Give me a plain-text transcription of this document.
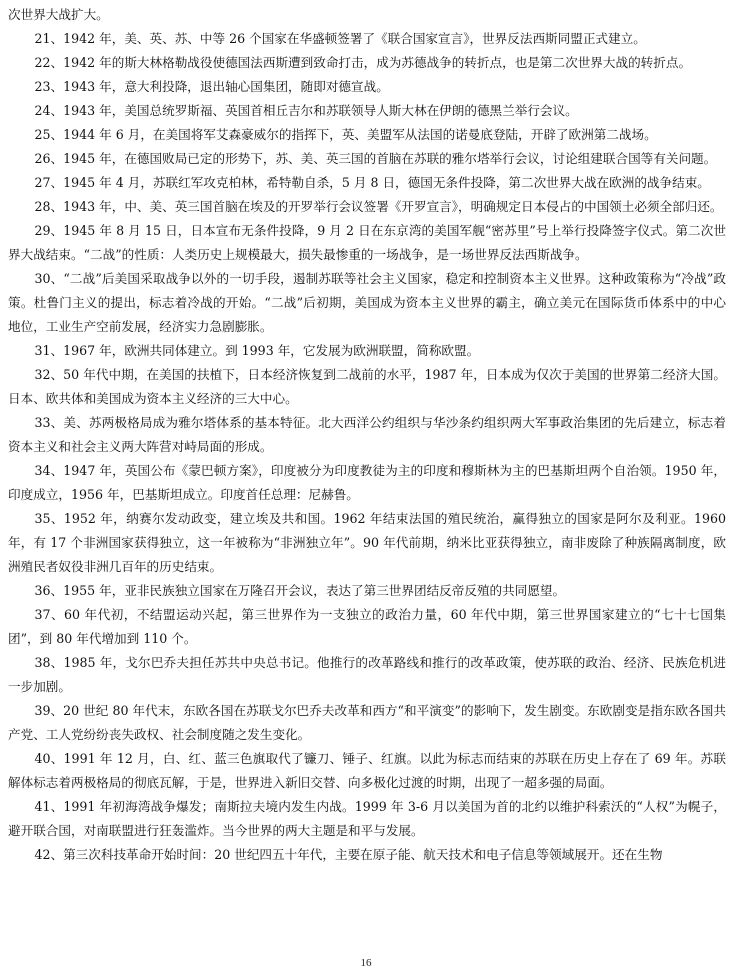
次世界大战扩大。

21、1942 年，美、英、苏、中等 26 个国家在华盛顿签署了《联合国家宣言》，世界反法西斯同盟正式建立。

22、1942 年的斯大林格勒战役使德国法西斯遭到致命打击，成为苏德战争的转折点，也是第二次世界大战的转折点。

23、1943 年，意大利投降，退出轴心国集团，随即对德宣战。

24、1943 年，美国总统罗斯福、英国首相丘吉尔和苏联领导人斯大林在伊朗的德黑兰举行会议。

25、1944 年 6 月，在美国将军艾森豪威尔的指挥下，英、美盟军从法国的诺曼底登陆，开辟了欧洲第二战场。

26、1945 年，在德国败局已定的形势下，苏、美、英三国的首脑在苏联的雅尔塔举行会议，讨论组建联合国等有关问题。

27、1945 年 4 月，苏联红军攻克柏林，希特勒自杀，5 月 8 日，德国无条件投降，第二次世界大战在欧洲的战争结束。

28、1943 年，中、美、英三国首脑在埃及的开罗举行会议签署《开罗宣言》，明确规定日本侵占的中国领土必须全部归还。

29、1945 年 8 月 15 日，日本宣布无条件投降，9 月 2 日在东京湾的美国军舰“密苏里”号上举行投降签字仪式。第二次世界大战结束。“二战”的性质：人类历史上规模最大，损失最惨重的一场战争，是一场世界反法西斯战争。

30、“二战”后美国采取战争以外的一切手段，遏制苏联等社会主义国家，稳定和控制资本主义世界。这种政策称为“冷战”政策。杜鲁门主义的提出，标志着冷战的开始。“二战”后初期，美国成为资本主义世界的霸主，确立美元在国际货币体系中的中心地位，工业生产空前发展，经济实力急剧膨胀。

31、1967 年，欧洲共同体建立。到 1993 年，它发展为欧洲联盟，简称欧盟。

32、50 年代中期，在美国的扶植下，日本经济恢复到二战前的水平，1987 年，日本成为仅次于美国的世界第二经济大国。日本、欧共体和美国成为资本主义经济的三大中心。

33、美、苏两极格局成为雅尔塔体系的基本特征。北大西洋公约组织与华沙条约组织两大军事政治集团的先后建立，标志着资本主义和社会主义两大阵营对峙局面的形成。

34、1947 年，英国公布《蒙巴顿方案》，印度被分为印度教徒为主的印度和穆斯林为主的巴基斯坦两个自治领。1950 年，印度成立，1956 年，巴基斯坦成立。印度首任总理：尼赫鲁。

35、1952 年，纳赛尔发动政变，建立埃及共和国。1962 年结束法国的殖民统治，赢得独立的国家是阿尔及利亚。1960 年，有 17 个非洲国家获得独立，这一年被称为“非洲独立年”。90 年代前期，纳米比亚获得独立，南非废除了种族隔离制度，欧洲殖民者奴役非洲几百年的历史结束。

36、1955 年，亚非民族独立国家在万隆召开会议，表达了第三世界团结反帝反殖的共同愿望。

37、60 年代初，不结盟运动兴起，第三世界作为一支独立的政治力量，60 年代中期，第三世界国家建立的“七十七国集团”，到 80 年代增加到 110 个。

38、1985 年，戈尔巴乔夫担任苏共中央总书记。他推行的改革路线和推行的改革政策，使苏联的政治、经济、民族危机进一步加剧。

39、20 世纪 80 年代末，东欧各国在苏联戈尔巴乔夫改革和西方“和平演变”的影响下，发生剧变。东欧剧变是指东欧各国共产党、工人党纷纷丧失政权、社会制度随之发生变化。

40、1991 年 12 月，白、红、蓝三色旗取代了镰刀、锤子、红旗。以此为标志而结束的苏联在历史上存在了 69 年。苏联解体标志着两极格局的彻底瓦解，于是，世界进入新旧交替、向多极化过渡的时期，出现了一超多强的局面。

41、1991 年初海湾战争爆发；南斯拉夫境内发生内战。1999 年 3-6 月以美国为首的北约以维护科索沃的“人权”为幌子，避开联合国，对南联盟进行狂轰滥炸。当今世界的两大主题是和平与发展。

42、第三次科技革命开始时间：20 世纪四五十年代，主要在原子能、航天技术和电子信息等领域展开。还在生物

16
